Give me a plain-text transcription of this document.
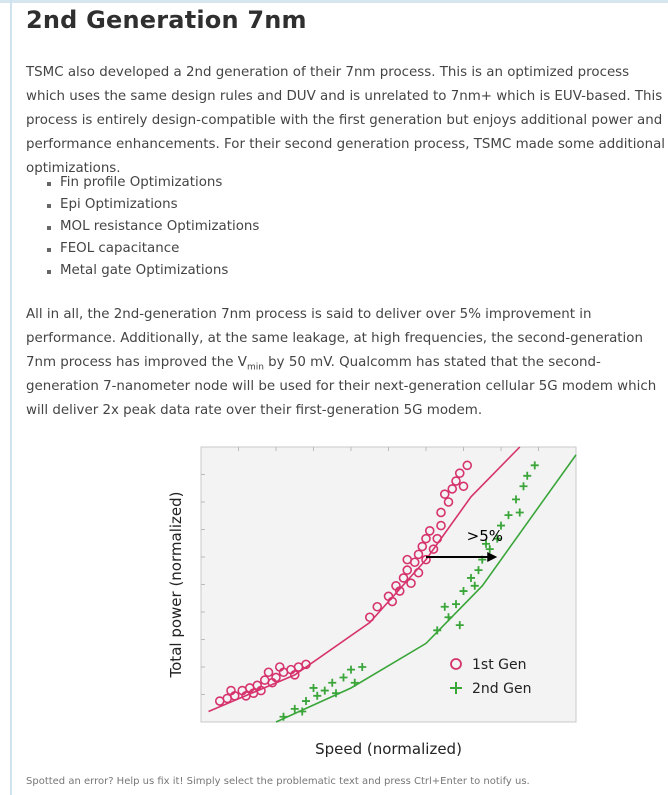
2nd Generation 7nm

TSMC also developed a 2nd generation of their 7nm process. This is an optimized process which uses the same design rules and DUV and is unrelated to 7nm+ which is EUV-based. This process is entirely design-compatible with the first generation but enjoys additional power and performance enhancements. For their second generation process, TSMC made some additional optimizations.

Fin profile Optimizations
Epi Optimizations
MOL resistance Optimizations
FEOL capacitance
Metal gate Optimizations

All in all, the 2nd-generation 7nm process is said to deliver over 5% improvement in performance. Additionally, at the same leakage, at high frequencies, the second-generation 7nm process has improved the $V_{min}$ by 50 mV. Qualcomm has stated that the second-generation 7-nanometer node will be used for their next-generation cellular 5G modem which will deliver 2x peak data rate over their first-generation 5G modem.

>5%
1st Gen
2nd Gen
Speed (normalized)
Total power (normalized)
Spotted an error? Help us fix it! Simply select the problematic text and press Ctrl+Enter to notify us.
